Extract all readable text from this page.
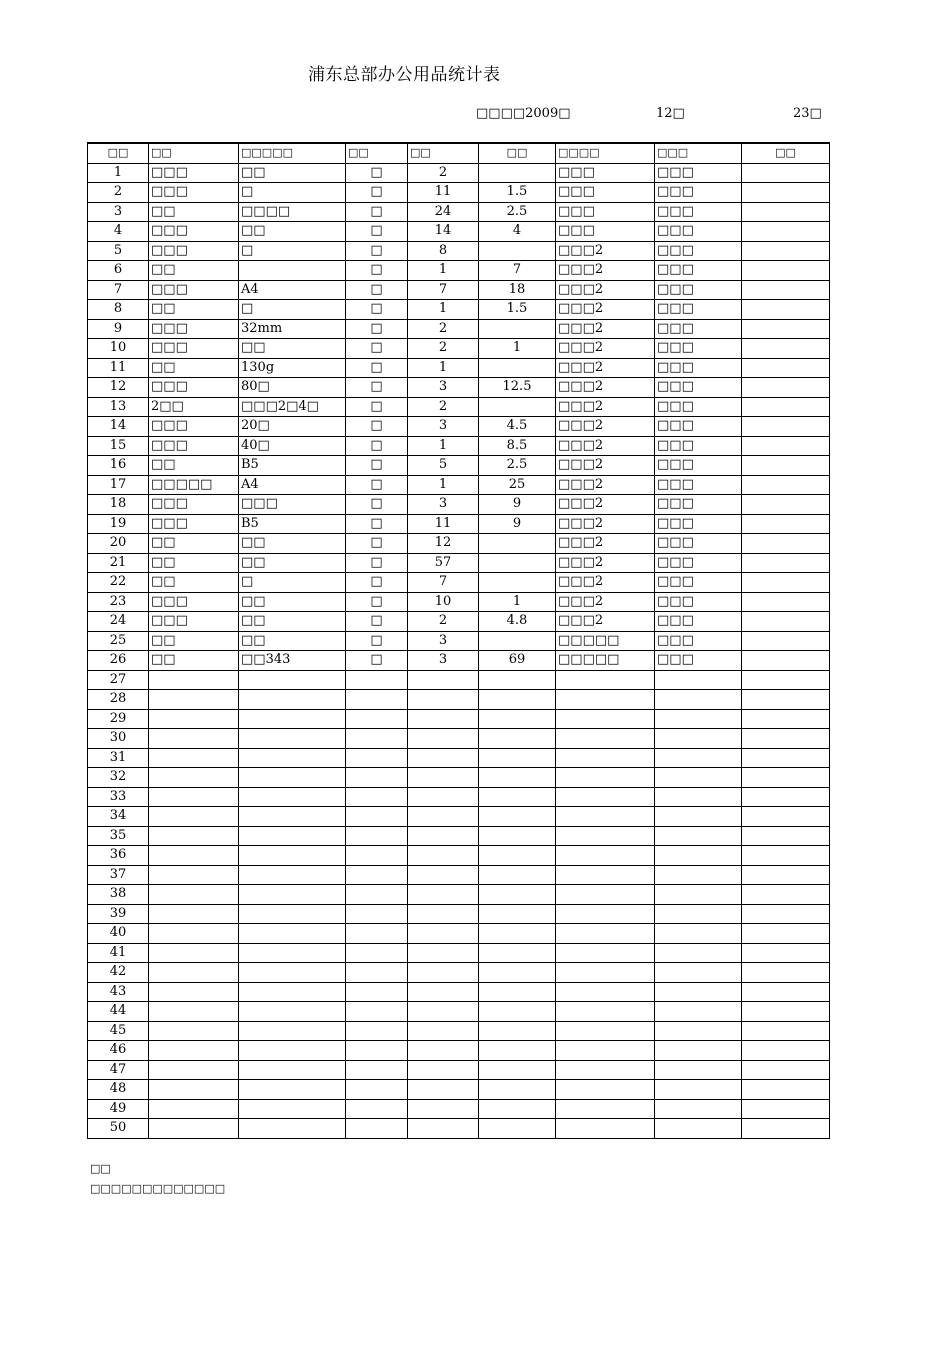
浦东总部办公用品统计表
□□□□2009□	12□	23□
□□	□□	□□□□□	□□	□□	□□	□□□□	□□□	□□
1	□□□	□□	□	2		□□□	□□□	
2	□□□	□	□	11	1.5	□□□	□□□	
3	□□	□□□□	□	24	2.5	□□□	□□□	
4	□□□	□□	□	14	4	□□□	□□□	
5	□□□	□	□	8		□□□2	□□□	
6	□□		□	1	7	□□□2	□□□	
7	□□□	A4	□	7	18	□□□2	□□□	
8	□□	□	□	1	1.5	□□□2	□□□	
9	□□□	32mm	□	2		□□□2	□□□	
10	□□□	□□	□	2	1	□□□2	□□□	
11	□□	130g	□	1		□□□2	□□□	
12	□□□	80□	□	3	12.5	□□□2	□□□	
13	2□□	□□□2□4□	□	2		□□□2	□□□	
14	□□□	20□	□	3	4.5	□□□2	□□□	
15	□□□	40□	□	1	8.5	□□□2	□□□	
16	□□	B5	□	5	2.5	□□□2	□□□	
17	□□□□□	A4	□	1	25	□□□2	□□□	
18	□□□	□□□	□	3	9	□□□2	□□□	
19	□□□	B5	□	11	9	□□□2	□□□	
20	□□	□□	□	12		□□□2	□□□	
21	□□	□□	□	57		□□□2	□□□	
22	□□	□	□	7		□□□2	□□□	
23	□□□	□□	□	10	1	□□□2	□□□	
24	□□□	□□	□	2	4.8	□□□2	□□□	
25	□□	□□	□	3		□□□□□	□□□	
26	□□	□□343	□	3	69	□□□□□	□□□	
27								
28								
29								
30								
31								
32								
33								
34								
35								
36								
37								
38								
39								
40								
41								
42								
43								
44								
45								
46								
47								
48								
49								
50								
□□
□□□□□□□□□□□□□
